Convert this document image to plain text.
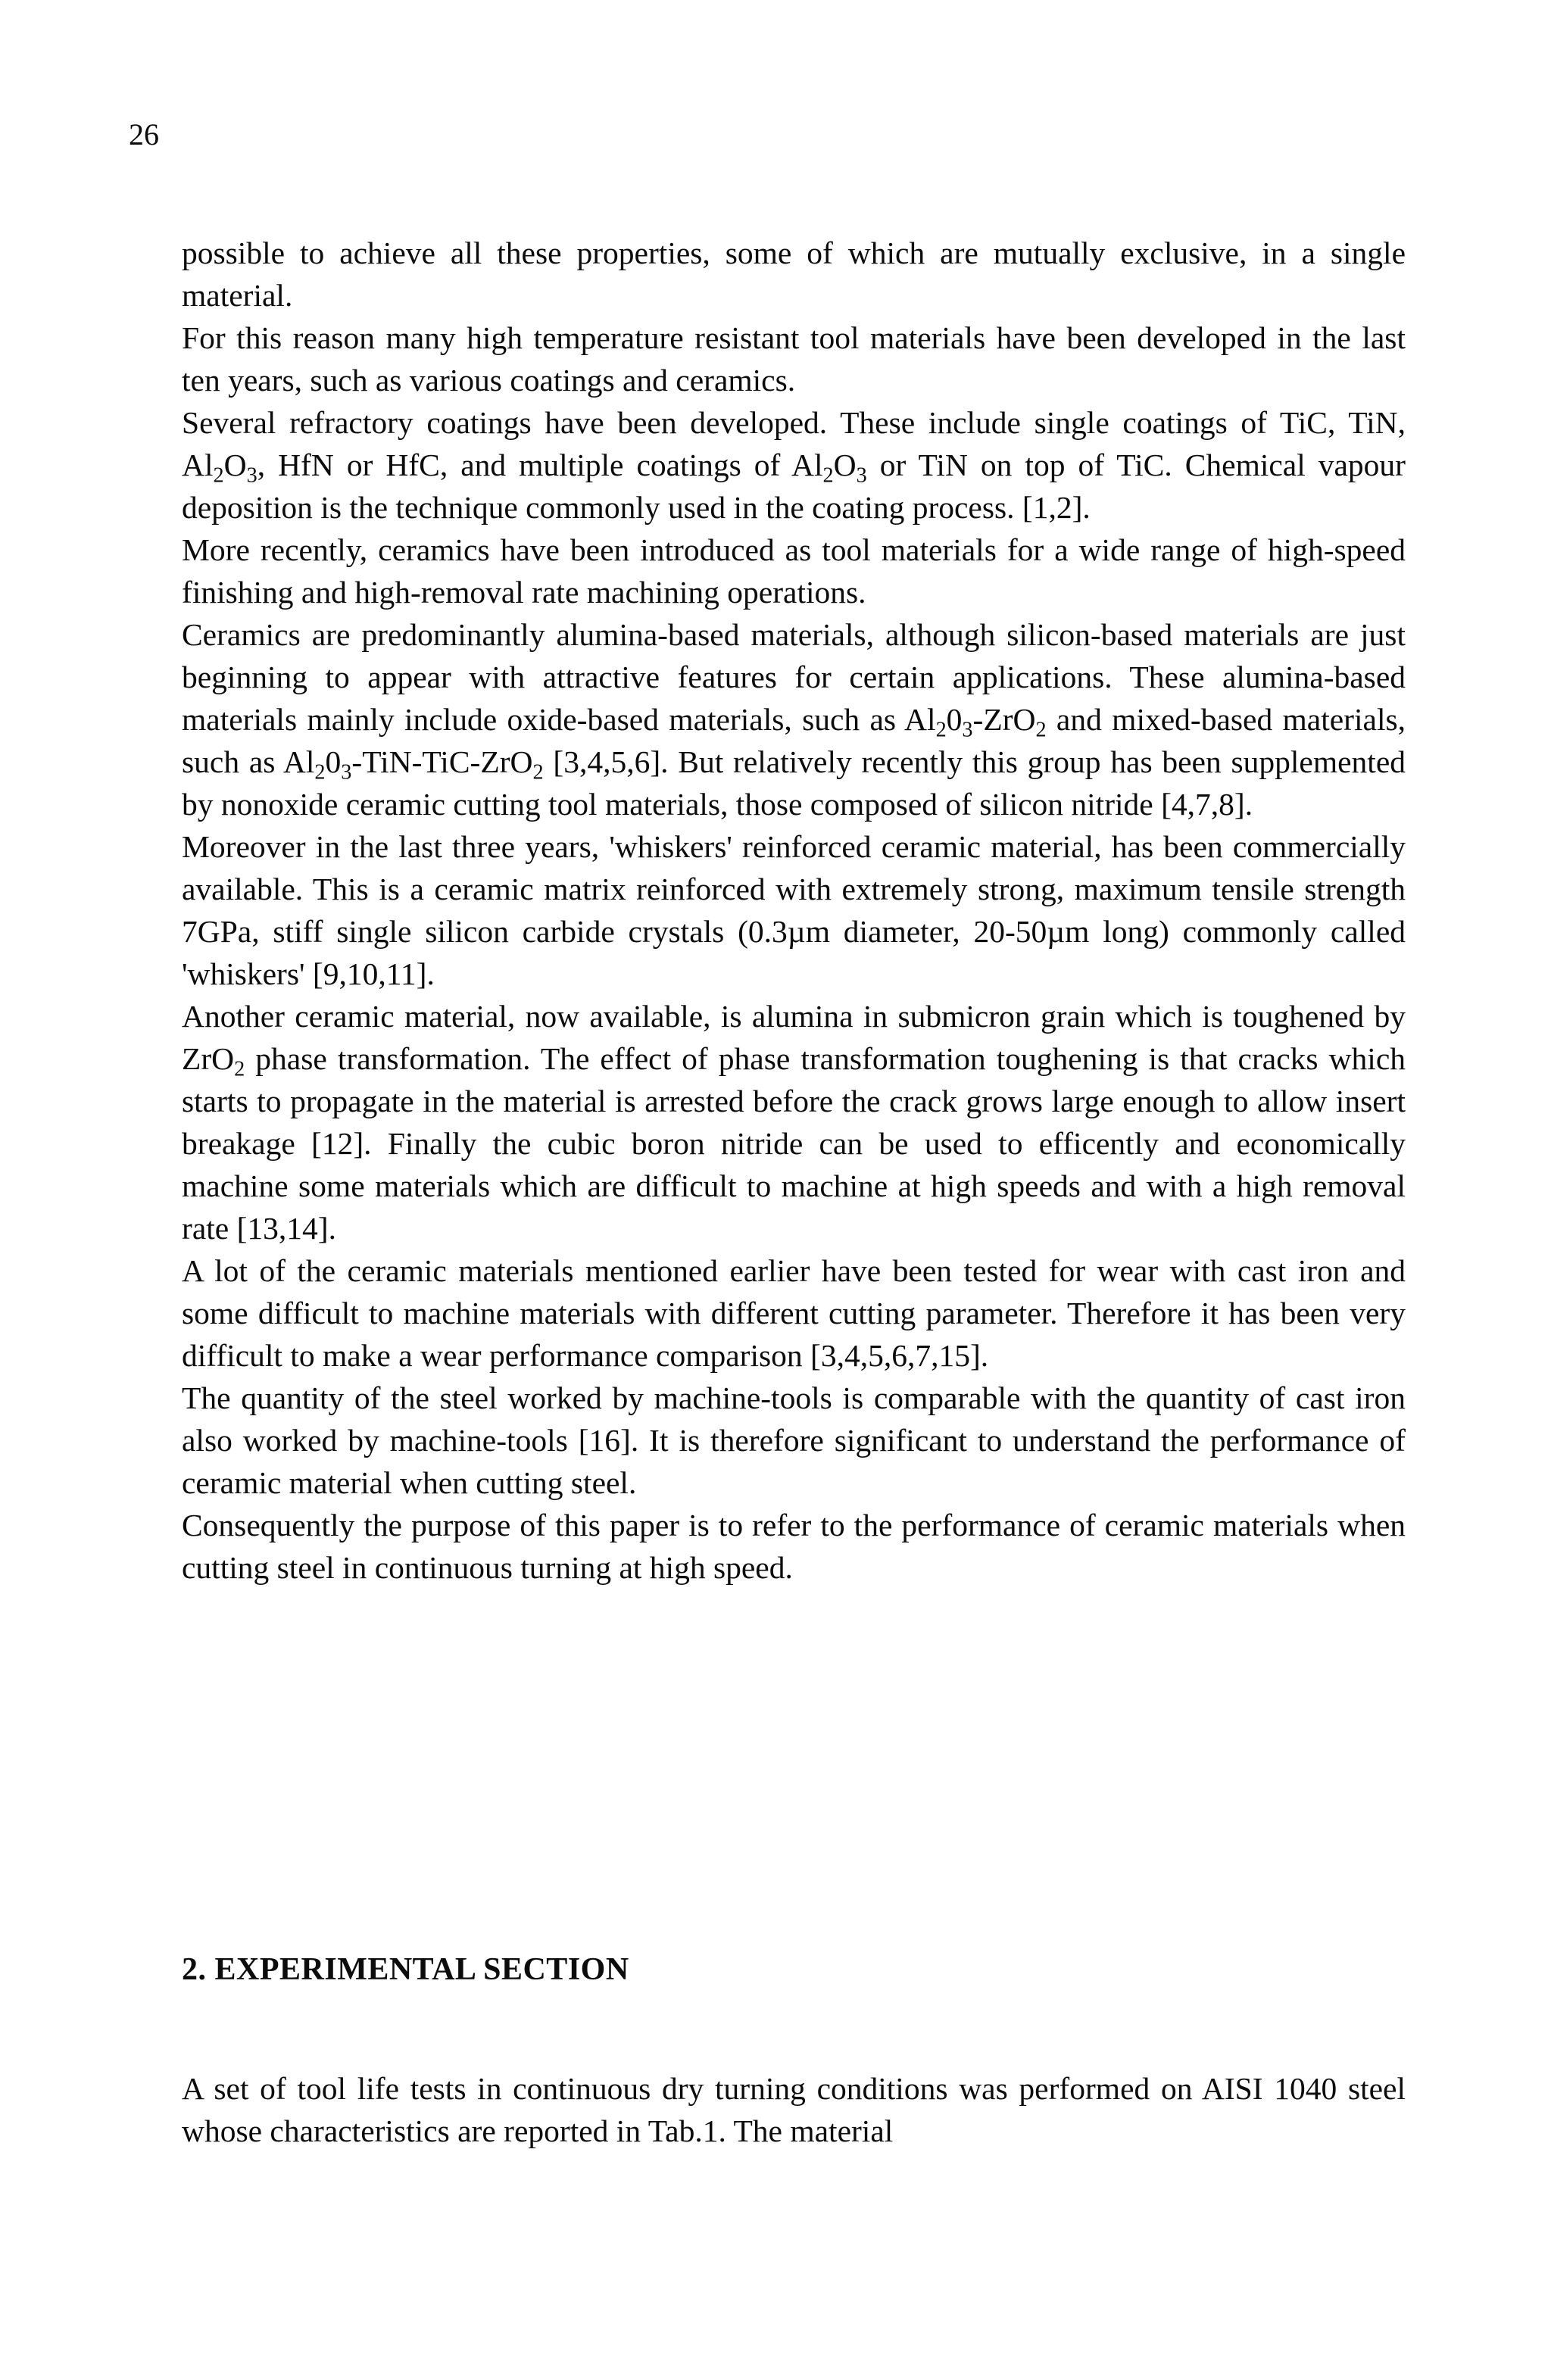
26

possible to achieve all these properties, some of which are mutually exclusive, in a single material.

For this reason many high temperature resistant tool materials have been developed in the last ten years, such as various coatings and ceramics.

Several refractory coatings have been developed. These include single coatings of TiC, TiN, $Al_2O_3$, HfN or HfC, and multiple coatings of $Al_2O_3$ or TiN on top of TiC. Chemical vapour deposition is the technique commonly used in the coating process. [1,2].

More recently, ceramics have been introduced as tool materials for a wide range of high-speed finishing and high-removal rate machining operations.

Ceramics are predominantly alumina-based materials, although silicon-based materials are just beginning to appear with attractive features for certain applications. These alumina-based materials mainly include oxide-based materials, such as $Al_20_3-ZrO_2$ and mixed-based materials, such as $Al_20_3-TiN-TiC-ZrO_2$ [3,4,5,6]. But relatively recently this group has been supplemented by nonoxide ceramic cutting tool materials, those composed of silicon nitride [4,7,8].

Moreover in the last three years, 'whiskers' reinforced ceramic material, has been commercially available. This is a ceramic matrix reinforced with extremely strong, maximum tensile strength 7GPa, stiff single silicon carbide crystals (0.3µm diameter, 20-50µm long) commonly called 'whiskers' [9,10,11].

Another ceramic material, now available, is alumina in submicron grain which is toughened by ZrO$_2$ phase transformation. The effect of phase transformation toughening is that cracks which starts to propagate in the material is arrested before the crack grows large enough to allow insert breakage [12]. Finally the cubic boron nitride can be used to efficently and economically machine some materials which are difficult to machine at high speeds and with a high removal rate [13,14].

A lot of the ceramic materials mentioned earlier have been tested for wear with cast iron and some difficult to machine materials with different cutting parameter. Therefore it has been very difficult to make a wear performance comparison [3,4,5,6,7,15].

The quantity of the steel worked by machine-tools is comparable with the quantity of cast iron also worked by machine-tools [16]. It is therefore significant to understand the performance of ceramic material when cutting steel.

Consequently the purpose of this paper is to refer to the performance of ceramic materials when cutting steel in continuous turning at high speed.

2. EXPERIMENTAL SECTION

A set of tool life tests in continuous dry turning conditions was performed on AISI 1040 steel whose characteristics are reported in Tab.1. The material
